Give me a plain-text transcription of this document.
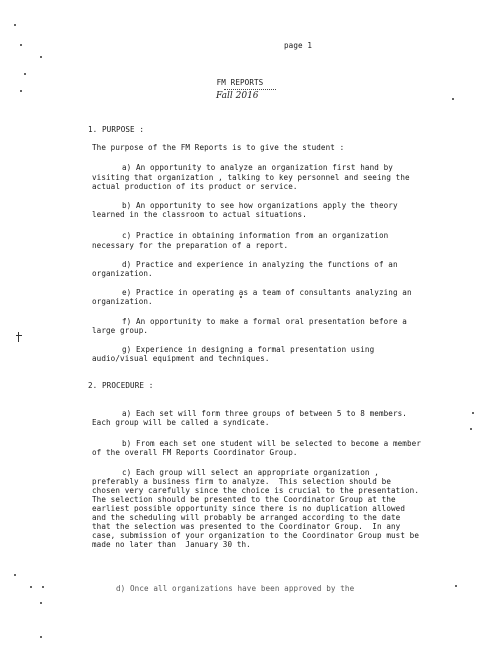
page 1
FM REPORTS
Fall 2016
1. PURPOSE :
The purpose of the FM Reports is to give the student :
a) An opportunity to analyze an organization first hand by
visiting that organization , talking to key personnel and seeing the
actual production of its product or service.
b) An opportunity to see how organizations apply the theory
learned in the classroom to actual situations.
c) Practice in obtaining information from an organization
necessary for the preparation of a report.
d) Practice and experience in analyzing the functions of an
organization.
e) Practice in operating as a team of consultants analyzing an
organization.
f) An opportunity to make a formal oral presentation before a
large group.
g) Experience in designing a formal presentation using
audio/visual equipment and techniques.
2. PROCEDURE :
a) Each set will form three groups of between 5 to 8 members.
Each group will be called a syndicate.
b) From each set one student will be selected to become a member
of the overall FM Reports Coordinator Group.
c) Each group will select an appropriate organization ,
preferably a business firm to analyze.  This selection should be
chosen very carefully since the choice is crucial to the presentation.
The selection should be presented to the Coordinator Group at the
earliest possible opportunity since there is no duplication allowed
and the scheduling will probably be arranged according to the date
that the selection was presented to the Coordinator Group.  In any
case, submission of your organization to the Coordinator Group must be
made no later than  January 30 th.
d) Once all organizations have been approved by the
